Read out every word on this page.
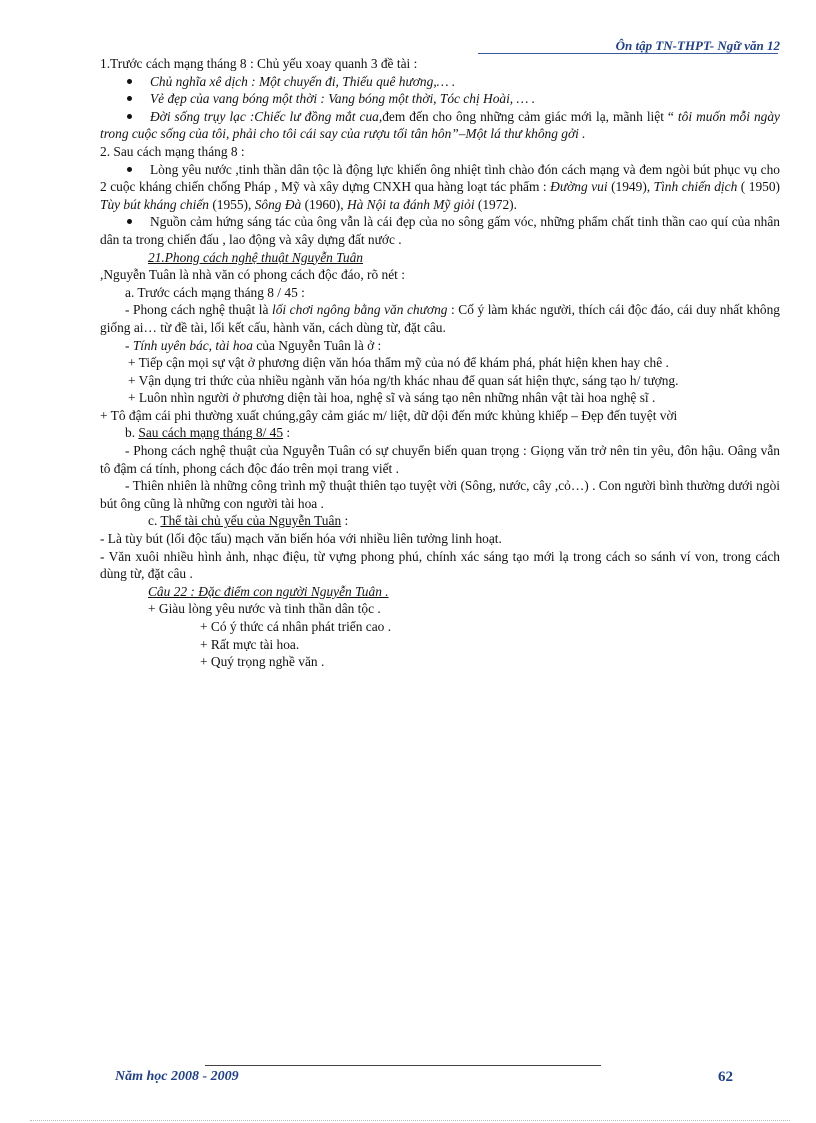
Ôn tập TN-THPT- Ngữ văn 12

1.Trước cách mạng tháng 8 : Chủ yếu xoay quanh 3 đề tài :

Chủ nghĩa xê dịch : Một chuyến đi, Thiếu quê hương,… .

Vẻ đẹp của vang bóng một thời : Vang bóng một thời, Tóc chị Hoài, … .

Đời sống trụy lạc :Chiếc lư đồng mắt cua,đem đến cho ông những cảm giác mới lạ, mãnh liệt “ tôi muốn mỗi ngày trong cuộc sống của tôi, phải cho tôi cái say của rượu tối tân hôn”–Một lá thư không gởi .

2. Sau cách mạng tháng 8 :

Lòng yêu nước ,tinh thần dân tộc là động lực khiến ông nhiệt tình chào đón cách mạng và đem ngòi bút phục vụ cho 2 cuộc kháng chiến chống Pháp , Mỹ và xây dựng CNXH qua hàng loạt tác phẩm : Đường vui (1949), Tình chiến dịch ( 1950) Tùy bút kháng chiến (1955), Sông Đà (1960), Hà Nội ta đánh Mỹ giỏi (1972).

Nguồn cảm hứng sáng tác của ông vẫn là cái đẹp của no sông gấm vóc, những phẩm chất tinh thần cao quí của nhân dân ta trong chiến đấu , lao động và xây dựng đất nước .

21.Phong cách nghệ thuật Nguyễn Tuân

,Nguyễn Tuân là nhà văn có phong cách độc đáo, rõ nét :

a. Trước cách mạng tháng 8 / 45 :

- Phong cách nghệ thuật là lối chơi ngông bằng văn chương : Cố ý làm khác người, thích cái độc đáo, cái duy nhất không giống ai… từ đề tài, lối kết cấu, hành văn, cách dùng từ, đặt câu.

- Tính uyên bác, tài hoa của Nguyễn Tuân là ở :

+ Tiếp cận mọi sự vật ở phương diện văn hóa thẩm mỹ của nó để khám phá, phát hiện khen hay chê .

+ Vận dụng tri thức của nhiều ngành văn hóa ng/th khác nhau để quan sát hiện thực, sáng tạo h/ tượng.

+ Luôn nhìn người ở phương diện tài hoa, nghệ sĩ và sáng tạo nên những nhân vật tài hoa nghệ sĩ .

+ Tô đậm cái phi thường xuất chúng,gây cảm giác m/ liệt, dữ dội đến mức khủng khiếp – Đẹp đến tuyệt vời

b. Sau cách mạng tháng 8/ 45 :

- Phong cách nghệ thuật của Nguyễn Tuân có sự chuyển biến quan trọng : Giọng văn trở nên tin yêu, đôn hậu. Oâng vẫn tô đậm cá tính, phong cách độc đáo trên mọi trang viết .

- Thiên nhiên là những công trình mỹ thuật thiên tạo tuyệt vời (Sông, nước, cây ,cỏ…) . Con người bình thường dưới ngòi bút ông cũng là những con người tài hoa .

c. Thể tài chủ yếu của Nguyễn Tuân :

- Là tùy bút (lối độc tấu) mạch văn biến hóa với nhiều liên tưởng linh hoạt.

- Văn xuôi nhiều hình ảnh, nhạc điệu, từ vựng phong phú, chính xác sáng tạo mới lạ trong cách so sánh ví von, trong cách dùng từ, đặt câu .

Câu 22 : Đặc điểm con người Nguyễn Tuân .

+ Giàu lòng yêu nước và tinh thần dân tộc .

+ Có ý thức cá nhân phát triển cao .

+ Rất mực tài hoa.

+ Quý trọng nghề văn .

Năm học 2008 - 2009	62
